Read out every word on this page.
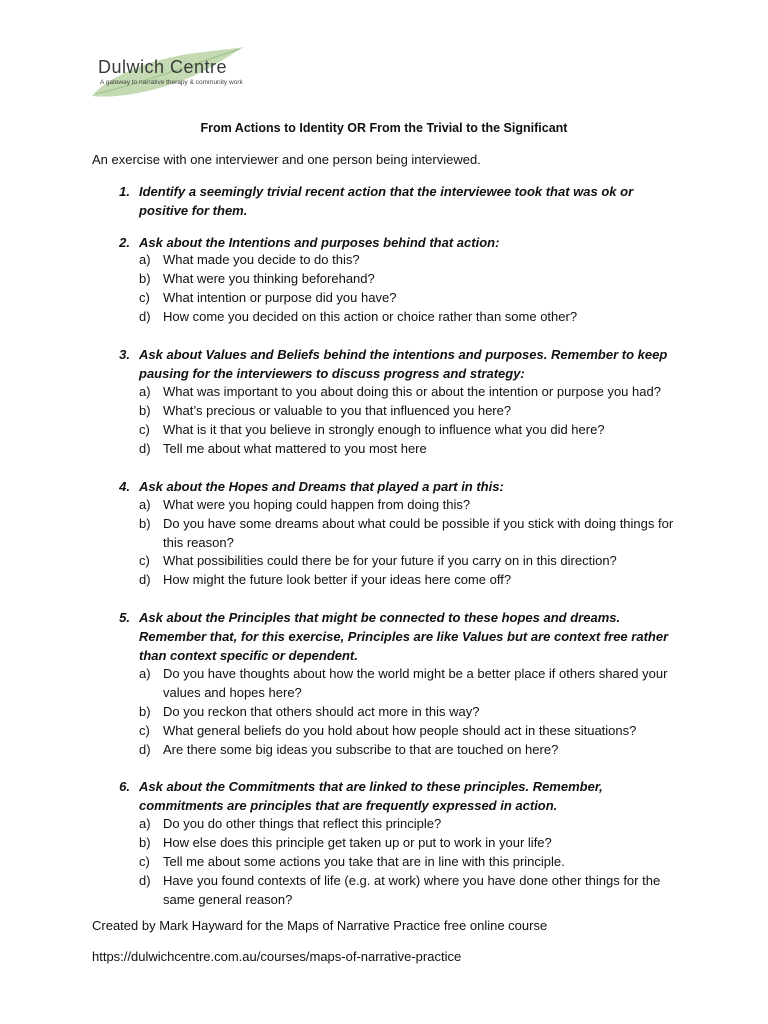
Dulwich Centre
A gateway to narrative therapy & community work
From Actions to Identity OR From the Trivial to the Significant
An exercise with one interviewer and one person being interviewed.
1. Identify a seemingly trivial recent action that the interviewee took that was ok or positive for them.
2. Ask about the Intentions and purposes behind that action:
a) What made you decide to do this?
b) What were you thinking beforehand?
c) What intention or purpose did you have?
d) How come you decided on this action or choice rather than some other?
3. Ask about Values and Beliefs behind the intentions and purposes. Remember to keep pausing for the interviewers to discuss progress and strategy:
a) What was important to you about doing this or about the intention or purpose you had?
b) What’s precious or valuable to you that influenced you here?
c) What is it that you believe in strongly enough to influence what you did here?
d) Tell me about what mattered to you most here
4. Ask about the Hopes and Dreams that played a part in this:
a) What were you hoping could happen from doing this?
b) Do you have some dreams about what could be possible if you stick with doing things for this reason?
c) What possibilities could there be for your future if you carry on in this direction?
d) How might the future look better if your ideas here come off?
5. Ask about the Principles that might be connected to these hopes and dreams. Remember that, for this exercise, Principles are like Values but are context free rather than context specific or dependent.
a) Do you have thoughts about how the world might be a better place if others shared your values and hopes here?
b) Do you reckon that others should act more in this way?
c) What general beliefs do you hold about how people should act in these situations?
d) Are there some big ideas you subscribe to that are touched on here?
6. Ask about the Commitments that are linked to these principles. Remember, commitments are principles that are frequently expressed in action.
a) Do you do other things that reflect this principle?
b) How else does this principle get taken up or put to work in your life?
c) Tell me about some actions you take that are in line with this principle.
d) Have you found contexts of life (e.g. at work) where you have done other things for the same general reason?
Created by Mark Hayward for the Maps of Narrative Practice free online course
https://dulwichcentre.com.au/courses/maps-of-narrative-practice
